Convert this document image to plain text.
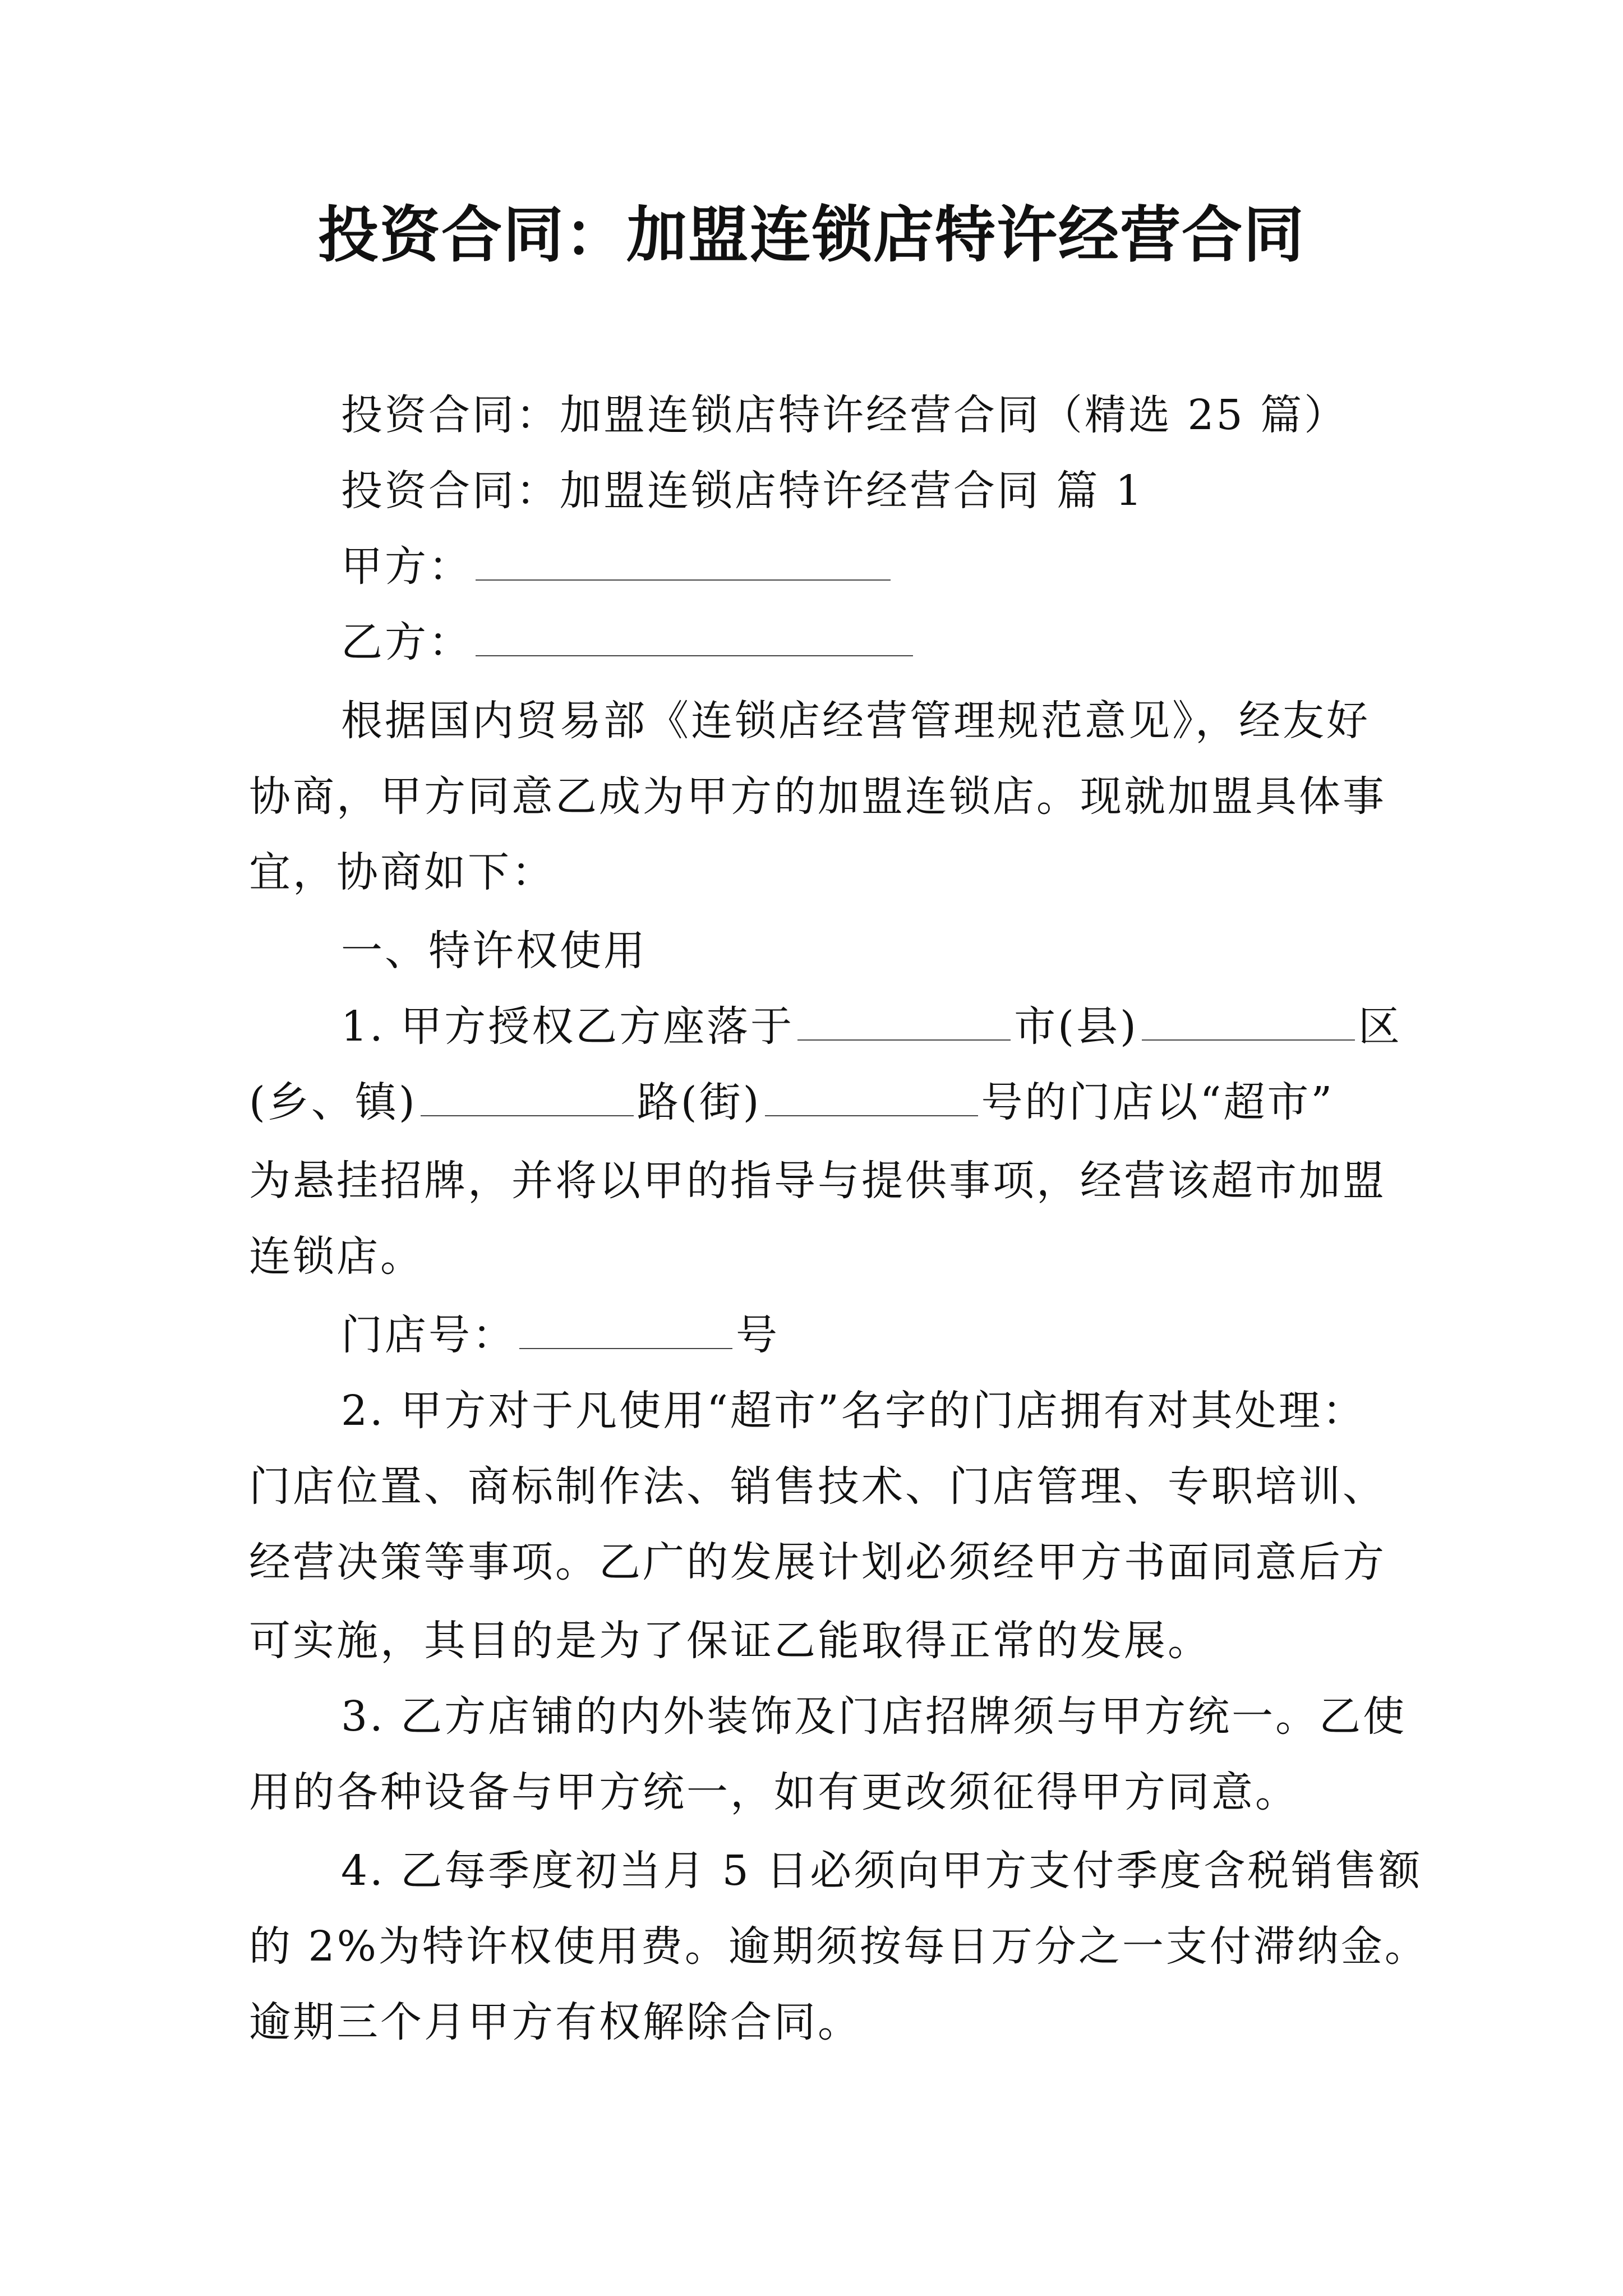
投资合同：加盟连锁店特许经营合同
投资合同：加盟连锁店特许经营合同（精选 25 篇）
投资合同：加盟连锁店特许经营合同 篇 1
甲方：
乙方：
根据国内贸易部《连锁店经营管理规范意见》，经友好
协商，甲方同意乙成为甲方的加盟连锁店。现就加盟具体事
宜，协商如下：
一、特许权使用
1. 甲方授权乙方座落于	市(县)	区
(乡、镇)	路(街)	号的门店以“超市”
为悬挂招牌，并将以甲的指导与提供事项，经营该超市加盟
连锁店。
门店号：	号
2. 甲方对于凡使用“超市”名字的门店拥有对其处理：
门店位置、商标制作法、销售技术、门店管理、专职培训、
经营决策等事项。乙广的发展计划必须经甲方书面同意后方
可实施，其目的是为了保证乙能取得正常的发展。
3. 乙方店铺的内外装饰及门店招牌须与甲方统一。乙使
用的各种设备与甲方统一，如有更改须征得甲方同意。
4. 乙每季度初当月 5 日必须向甲方支付季度含税销售额
的 2%为特许权使用费。逾期须按每日万分之一支付滞纳金。
逾期三个月甲方有权解除合同。
